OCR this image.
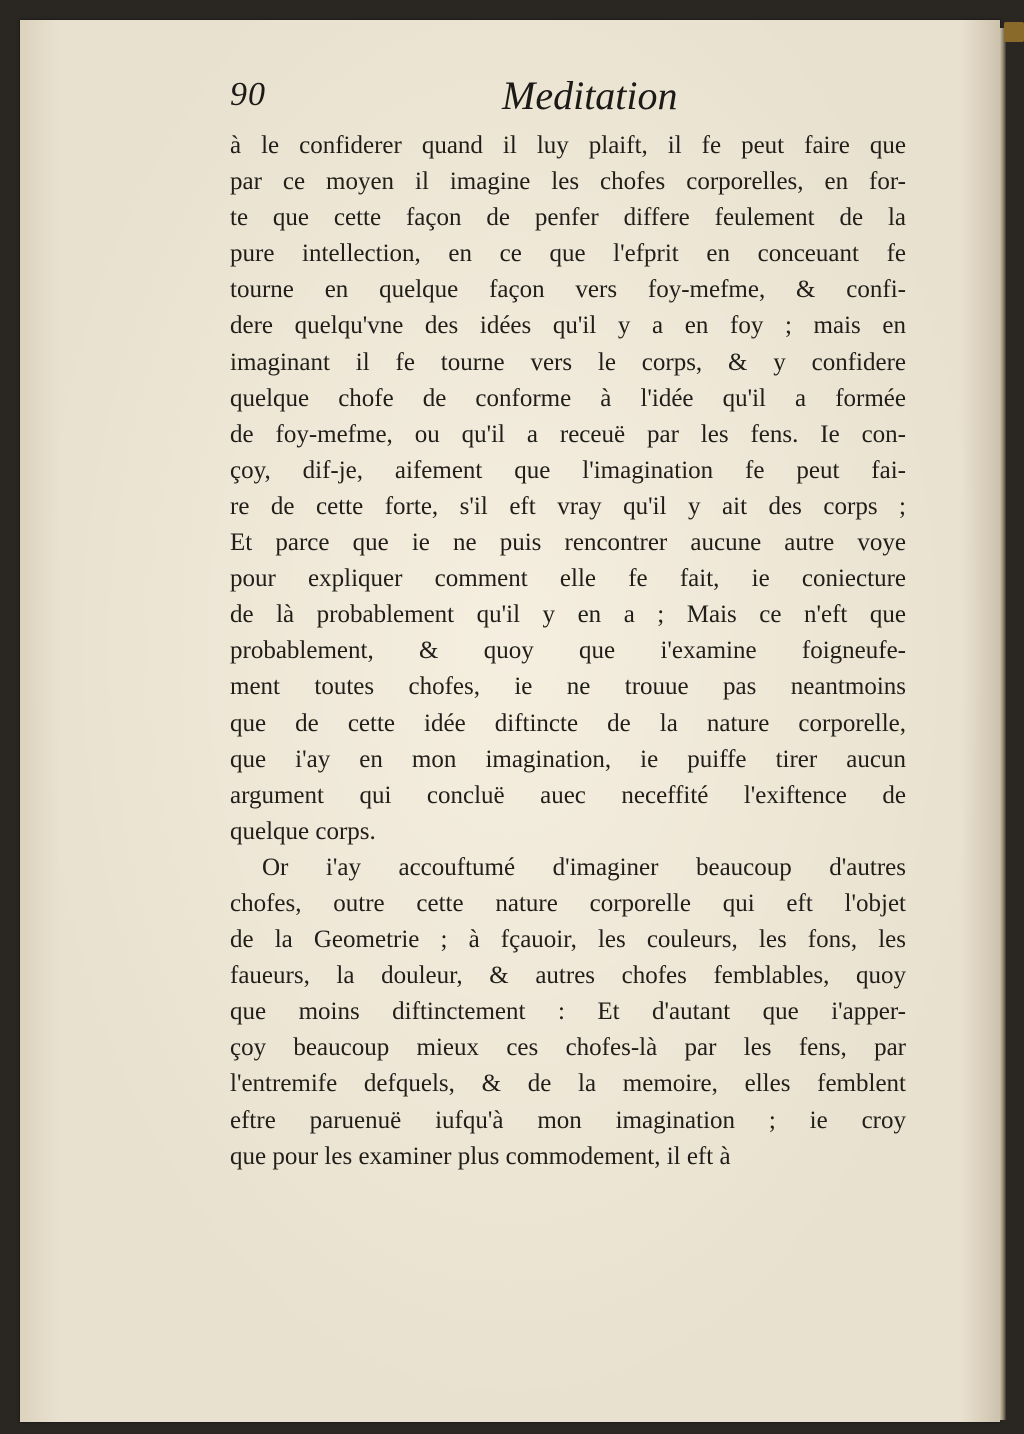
90	Meditation
à le confiderer quand il luy plaift, il fe peut faire que
par ce moyen il imagine les chofes corporelles, en for-
te que cette façon de penfer differe feulement de la
pure intellection, en ce que l'efprit en conceuant fe
tourne en quelque façon vers foy-mefme, & confi-
dere quelqu'vne des idées qu'il y a en foy ; mais en
imaginant il fe tourne vers le corps, & y confidere
quelque chofe de conforme à l'idée qu'il a formée
de foy-mefme, ou qu'il a receuë par les fens. Ie con-
çoy, dif-je, aifement que l'imagination fe peut fai-
re de cette forte, s'il eft vray qu'il y ait des corps ;
Et parce que ie ne puis rencontrer aucune autre voye
pour expliquer comment elle fe fait, ie coniecture
de là probablement qu'il y en a ; Mais ce n'eft que
probablement, & quoy que i'examine foigneufe-
ment toutes chofes, ie ne trouue pas neantmoins
que de cette idée diftincte de la nature corporelle,
que i'ay en mon imagination, ie puiffe tirer aucun
argument qui concluë auec neceffité l'exiftence de
quelque corps.
Or i'ay accouftumé d'imaginer beaucoup d'autres
chofes, outre cette nature corporelle qui eft l'objet
de la Geometrie ; à fçauoir, les couleurs, les fons, les
faueurs, la douleur, & autres chofes femblables, quoy
que moins diftinctement : Et d'autant que i'apper-
çoy beaucoup mieux ces chofes-là par les fens, par
l'entremife defquels, & de la memoire, elles femblent
eftre paruenuë iufqu'à mon imagination ; ie croy
que pour les examiner plus commodement, il eft à
